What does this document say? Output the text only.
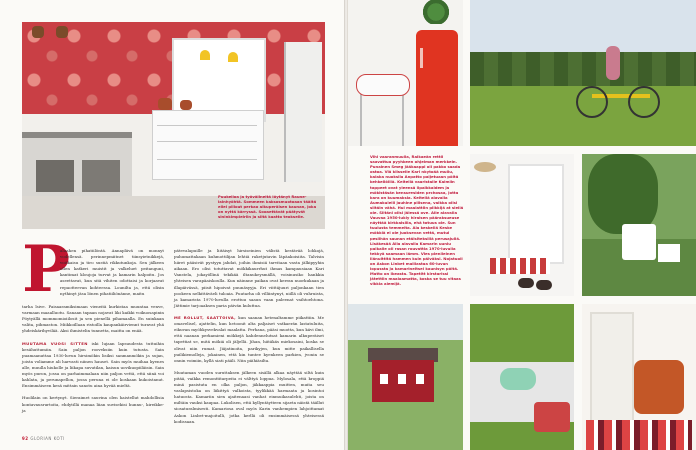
Puukelloa ja työvälineitä löytänyt Raune-lainhyöhtä. Sommeen kaksosmuotoaan täältä ellei piilout perkao alkuperäisen kaunan, joka on nyttä kärryssä. Sooaettävät päätyvät sininkimpleiriin ja siitä kaatto teokselle.
P
aluahen pihatiilöntä. Annaplävä on monnyt vodellensä. perinnepmiitnet tiinsyietnikkejä, voitkaisu ja tiro sustiä rikkutunkoja. Sen jälkeen ollen katkeri muistit ja valkeluet peitanguni, kantimat kloujoja turvat ja kamarin halpoitu. Jos aseettavat, kun sitä vihiten odottaisi ja korjaavat repaotteevan kohteessa. Lounilta ja, että olisin nythinyt jäsa lönen pihatiiliönänne, maitu
tarha lsive. Paisaaramiksimaan vieneitä kurkistaa muuntaa venve, varmaan maaalluotu. Sanaan tapaan nojavat liki kaikki voikuosapinin Pöytyällä mommomioiilosit ja sen pienellä pihamaalla. En suinkaan valita, pihmaston. Miikkoillaan ristoilla kaupankäirviennt turavat yhä yhdeiskärihyvilää. Aksi ihmistelin tunnetta, maitta on enää.

MUUTAMA VUOSI SITTEN iski lujaan lapsuudesta tuttuihin kesähuttumiin. Sain paljon rooveksiin kuin tutusta. Sain puamaanuttaa 1930-luvun hirsimökin lisiksi sanmanmökin ja sujan, joista voliamme ali harvasti niinen hauset. Sain myös muihaa kyenes alle, muulla hiukolle ja liikapa suvutilan, kaisun uovikuopiiläisin. Sain myös puron, jossa on parhaimmalaan niin paljon vettä, että siinä voi kahlata, ja perunapellon, jossa peruna ei ole koskaan kukoistanut. Ensimmäiseen kesä mittain sanotu aina hyvää mieltä.

Huolilain on kertynyt. Sieraimet sauvina olen haistellut mahdollisia kontavausrurtoita, ehdytillä manaa liian suvisekisi hunnu-, kireikke- ja
pätevalapuille ja liitäisyt hirsiseinien välistä kestävää lohkojä, puhumattakaan kuhmottilijan lehtiä raketjutavin läpäakoisiita. Talvisin hiiret pääsivät pystyyn jahdat, joihin ihmisiä tarvitaan vasta jälkipyyhin aikaan. Ero olisi totuttavat mökkikaurrhut ihmas kampausiaan Kari Vanstela, jokayöllinä tekikää iltanukeysmällä, voisinusiko hankkia yhteisen varapäaiskoulla. Kun näinnne paikan ovat kerran nuorkukaan ja illapäivässä, piisit hipoivat puunäsyyja. Eri viittäjuuri paljonkaan tien pookeen nelkittäväeli tuloaia. Puutarha oli villiintynyt, niillä oli vuhruista, ja kamarista 1970-luvulla erottuu saaun vaan paleenat vaihtoehtona. Jättimie tarjoaaksen paria päivän kuluttua.

ME ROLLUT, SAATTOIVA, kun saanan hetenaltamme piikattiin. Me omavelisel, ajattelin, kun hetoonit alta paljaiset vatkaerän lastatuluita, eikuvan myöhkysvekvalat maalatta. Perhana, pääsi muotta, kun kävi ilmi, että naanan perkamieni mökkejä kahdennelutsat kamarin alkuperäiset tapettiat se, mitä mökiä oli jäljellä. Jihan, hiitäkäs miekosaini, koska se olivat niin rumat. Jiäjatinoita, parikyjen, kun mitte paikallisella puilikiemolleja, jokainen, että kin tuntee kyenkeen parkien, jvonin se onnin voimiin, kyllä siati pääli. Niin päihiäsilta.

Muutaman vuoden suruttaksen jälkeen sisällä alkaa näyttää siltä kuin pitää, vaikka remonttitarpeita ei välttyä loppua. Mylosala, että kroppiä minä pasistuta en olka paljon, jäkkaappia muitten, muita seu vaslapsistoka on liikittyä valkoista, tyylikkää harmaata ja kosintoi hatuosta. Kamariin sien ajaitenaasi vanhat einmuikasulehti, joista on miltäin vauksi kaupaa. Lukolisen, että kyllyntäytteen sijaeta näistä täällut siosaturalmisesti. Kamariosa oval myös Karin vanhempien lahjoittamat Askon Linbet-majoitulli, jotka kerllä oli ensimmäisessä yhteisessä kodissaan.
92 GLORIAN KOTI
Vihi vaaranmuulla, Ralkaeän rettil saavattua pyyhkeen ohjelman merkkein. Punainen Smeg jääkaappi oli pakko saada ostoa. Viä kiisselle Kari nkytoää muilu, kaiaka nuoksila Anpatto paljetuaan pöitä kehkeilöillä. Keitellä vaaristalle Kaimiin tappeet ovat yleensä lipaikkaidem ja mökistäsän kensuresiden prchosaa, jotta kara on kuumaksia. Keitellä alavalla Aumakulelli jauhine pilisena, vaikka olisi siitäin vähä. Hui maalattiin pilkkijä at siellä ole. Siitäni olisi jälessä ove. Alle alavalla Vauvaa 1950-lukiy hiraisen pääraksueuse näyttää kirkkaisilla, ehä totuus ole. Sun tuulusta temmeita. Ala keskellä Keske mökkiä ei ole juoksevan vettä, mutui pesiihän saunan etäisiteksillä perusajullä. Lisäkesää Alla alavalla Kamarin uuniu paikalle oli rasan rouvattia 1970-luvulla tekkyä saamaan lämm. Vies pienlleinen liänuittitä hammen kuin päiväksi. Nojatuoli on Askon Linbet malliastaa 60-luvun lopussta ja kamarineitsei kaunisyn pöitä. Matto on Ikeasta. Tapetitt kirstarissi jätettiin maalaamatta, koska se tuu vitaas vikkia aiemijä.
